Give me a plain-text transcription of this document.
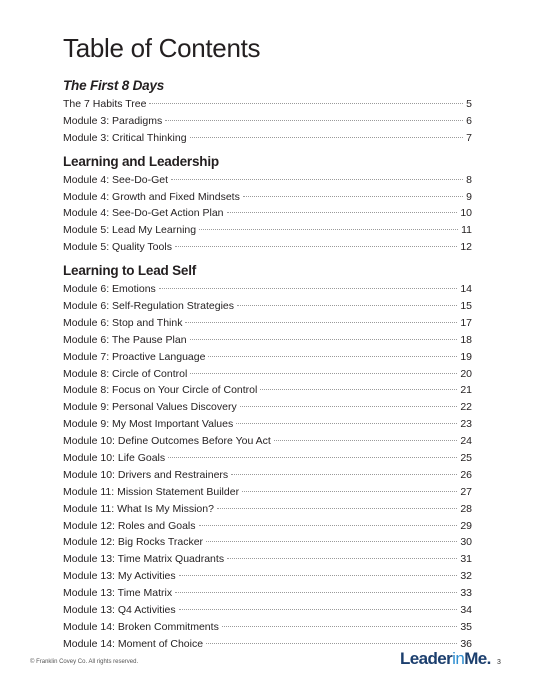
Table of Contents
The First 8 Days
The 7 Habits Tree	5
Module 3: Paradigms	6
Module 3: Critical Thinking	7
Learning and Leadership
Module 4: See-Do-Get	8
Module 4: Growth and Fixed Mindsets	9
Module 4: See-Do-Get Action Plan	10
Module 5: Lead My Learning	11
Module 5: Quality Tools	12
Learning to Lead Self
Module 6: Emotions	14
Module 6: Self-Regulation Strategies	15
Module 6: Stop and Think	17
Module 6: The Pause Plan	18
Module 7: Proactive Language	19
Module 8: Circle of Control	20
Module 8: Focus on Your Circle of Control	21
Module 9: Personal Values Discovery	22
Module 9: My Most Important Values	23
Module 10: Define Outcomes Before You Act	24
Module 10: Life Goals	25
Module 10: Drivers and Restrainers	26
Module 11: Mission Statement Builder	27
Module 11: What Is My Mission?	28
Module 12: Roles and Goals	29
Module 12: Big Rocks Tracker	30
Module 13: Time Matrix Quadrants	31
Module 13: My Activities	32
Module 13: Time Matrix	33
Module 13: Q4 Activities	34
Module 14: Broken Commitments	35
Module 14: Moment of Choice	36
© Franklin Covey Co. All rights reserved.	LeaderinMe. 3
